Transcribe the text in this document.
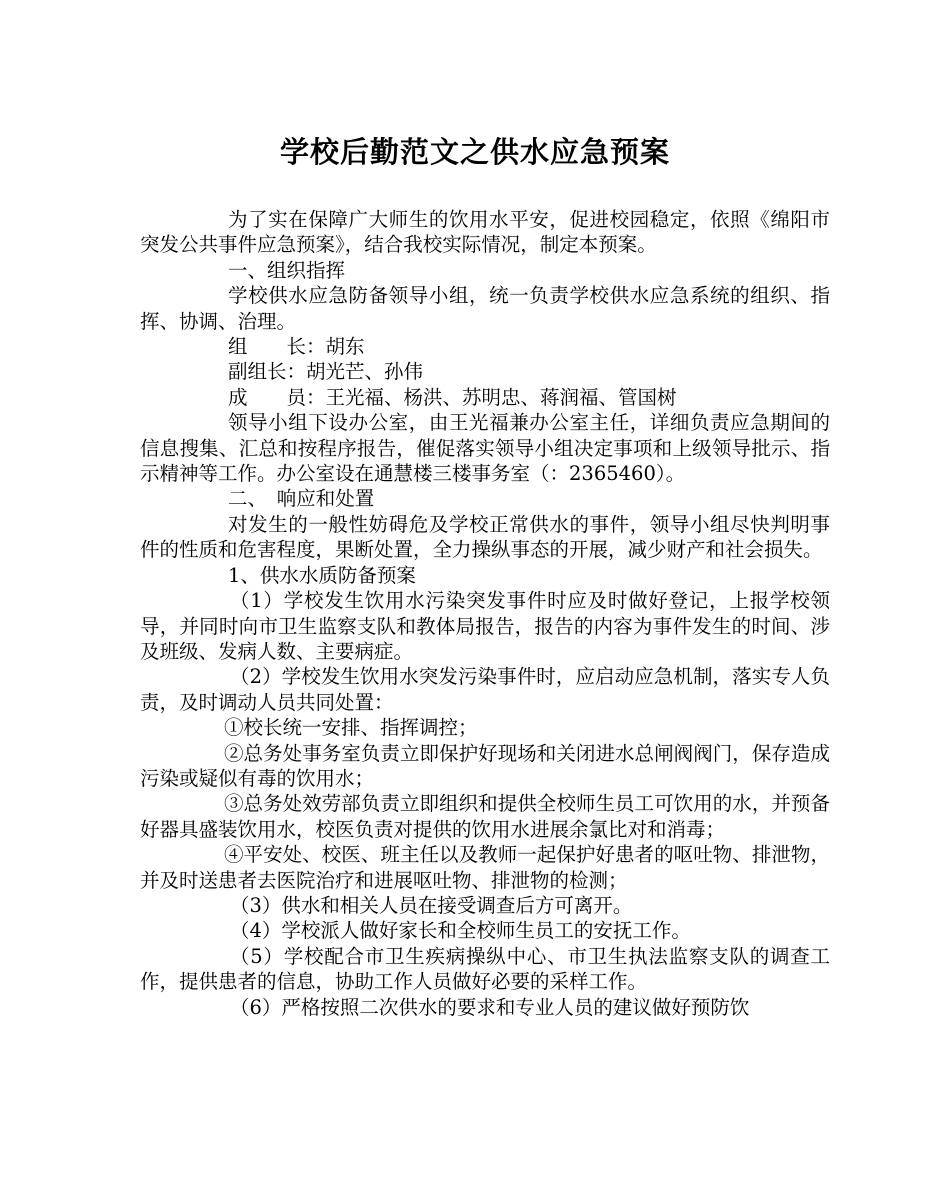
学校后勤范文之供水应急预案

为了实在保障广大师生的饮用水平安，促进校园稳定，依照《绵阳市突发公共事件应急预案》，结合我校实际情况，制定本预案。

一、组织指挥

学校供水应急防备领导小组，统一负责学校供水应急系统的组织、指挥、协调、治理。

组　　长：胡东

副组长：胡光芒、孙伟

成　　员：王光福、杨洪、苏明忠、蒋润福、管国树

领导小组下设办公室，由王光福兼办公室主任，详细负责应急期间的信息搜集、汇总和按程序报告，催促落实领导小组决定事项和上级领导批示、指示精神等工作。办公室设在通慧楼三楼事务室（：2365460）。

二、　响应和处置

对发生的一般性妨碍危及学校正常供水的事件，领导小组尽快判明事件的性质和危害程度，果断处置，全力操纵事态的开展，减少财产和社会损失。

1、供水水质防备预案

（1）学校发生饮用水污染突发事件时应及时做好登记，上报学校领导，并同时向市卫生监察支队和教体局报告，报告的内容为事件发生的时间、涉及班级、发病人数、主要病症。

（2）学校发生饮用水突发污染事件时，应启动应急机制，落实专人负责，及时调动人员共同处置：

①校长统一安排、指挥调控；

②总务处事务室负责立即保护好现场和关闭进水总闸阀阀门，保存造成污染或疑似有毒的饮用水；

③总务处效劳部负责立即组织和提供全校师生员工可饮用的水，并预备好器具盛装饮用水，校医负责对提供的饮用水进展余氯比对和消毒；

④平安处、校医、班主任以及教师一起保护好患者的呕吐物、排泄物，并及时送患者去医院治疗和进展呕吐物、排泄物的检测；

（3）供水和相关人员在接受调查后方可离开。

（4）学校派人做好家长和全校师生员工的安抚工作。

（5）学校配合市卫生疾病操纵中心、市卫生执法监察支队的调查工作，提供患者的信息，协助工作人员做好必要的采样工作。

（6）严格按照二次供水的要求和专业人员的建议做好预防饮
